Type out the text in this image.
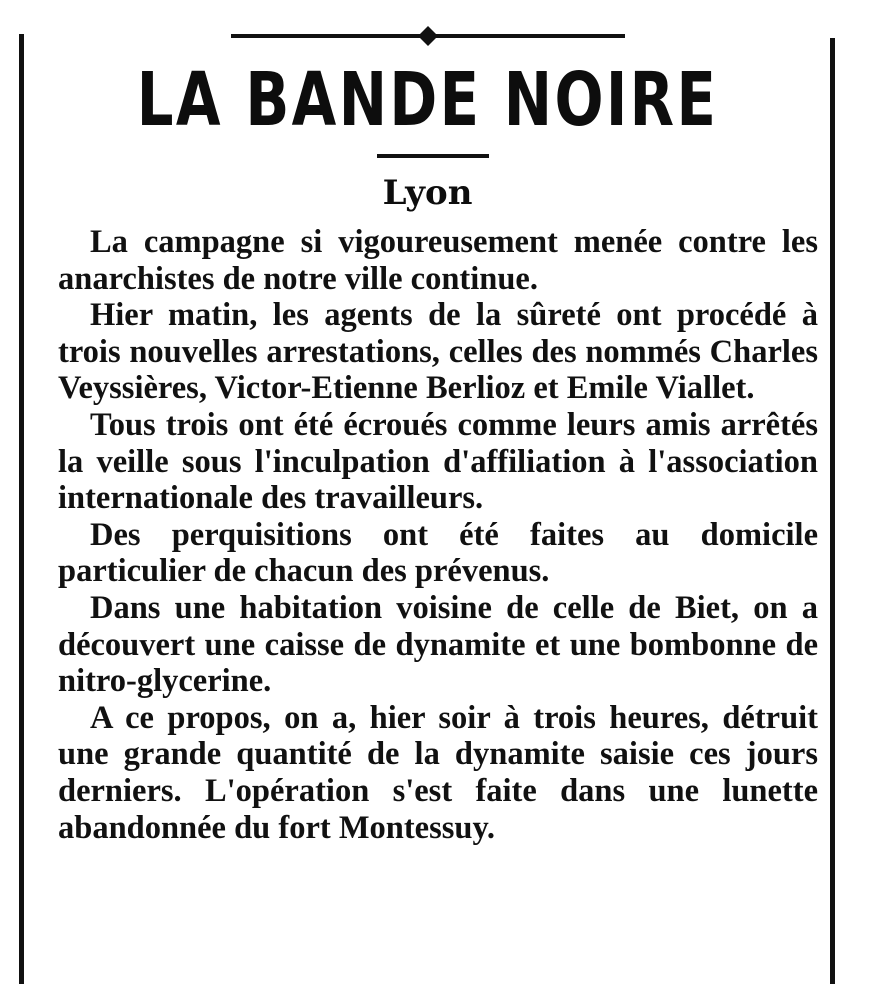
LA BANDE NOIRE
Lyon

La campagne si vigoureusement menée contre les anarchistes de notre ville continue.

Hier matin, les agents de la sûreté ont procédé à trois nouvelles arrestations, celles des nommés Charles Veyssières, Victor-Etienne Berlioz et Emile Viallet.

Tous trois ont été écroués comme leurs amis arrêtés la veille sous l'inculpation d'affiliation à l'association internationale des travailleurs.

Des perquisitions ont été faites au domicile particulier de chacun des prévenus.

Dans une habitation voisine de celle de Biet, on a découvert une caisse de dynamite et une bombonne de nitro-glycerine.

A ce propos, on a, hier soir à trois heures, détruit une grande quantité de la dynamite saisie ces jours derniers. L'opération s'est faite dans une lunette abandonnée du fort Montessuy.
